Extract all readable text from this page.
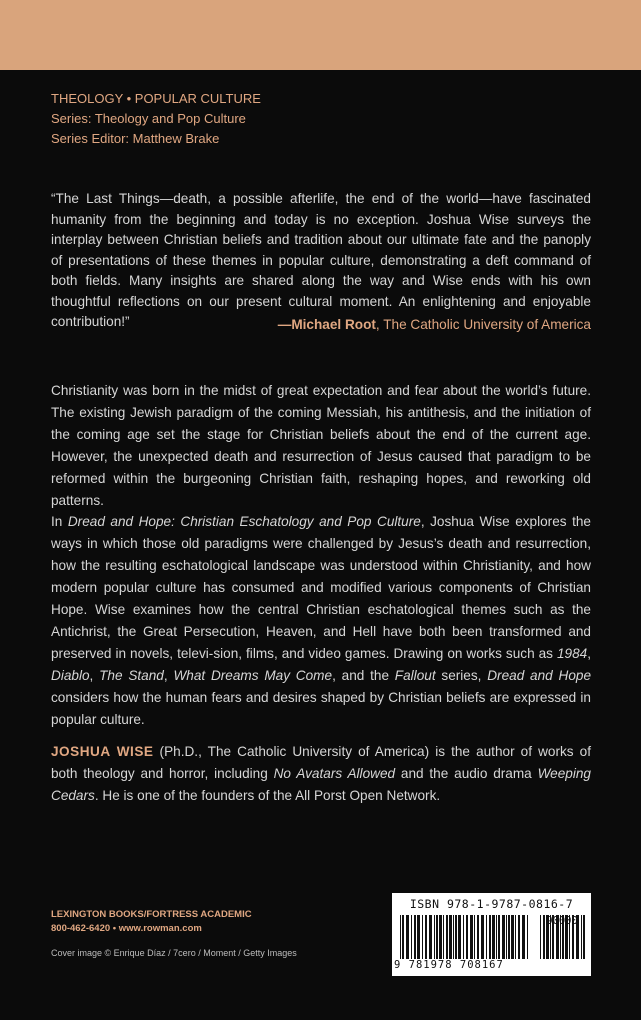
THEOLOGY • POPULAR CULTURE
Series: Theology and Pop Culture
Series Editor: Matthew Brake
“The Last Things—death, a possible afterlife, the end of the world—have fascinated humanity from the beginning and today is no exception. Joshua Wise surveys the interplay between Christian beliefs and tradition about our ultimate fate and the panoply of presentations of these themes in popular culture, demonstrating a deft command of both fields. Many insights are shared along the way and Wise ends with his own thoughtful reflections on our present cultural moment. An enlightening and enjoyable contribution!”	—Michael Root, The Catholic University of America
Christianity was born in the midst of great expectation and fear about the world’s future. The existing Jewish paradigm of the coming Messiah, his antithesis, and the initiation of the coming age set the stage for Christian beliefs about the end of the current age. However, the unexpected death and resurrection of Jesus caused that paradigm to be reformed within the burgeoning Christian faith, reshaping hopes, and reworking old patterns.
In Dread and Hope: Christian Eschatology and Pop Culture, Joshua Wise explores the ways in which those old paradigms were challenged by Jesus’s death and resurrection, how the resulting eschatological landscape was understood within Christianity, and how modern popular culture has consumed and modified various components of Christian Hope. Wise examines how the central Christian eschatological themes such as the Antichrist, the Great Persecution, Heaven, and Hell have both been transformed and preserved in novels, televi-sion, films, and video games. Drawing on works such as 1984, Diablo, The Stand, What Dreams May Come, and the Fallout series, Dread and Hope considers how the human fears and desires shaped by Christian beliefs are expressed in popular culture.
JOSHUA WISE (Ph.D., The Catholic University of America) is the author of works of both theology and horror, including No Avatars Allowed and the audio drama Weeping Cedars. He is one of the founders of the All Porst Open Network.
LEXINGTON BOOKS/FORTRESS ACADEMIC
800-462-6420 • www.rowman.com
Cover image © Enrique Díaz / 7cero / Moment / Getty Images
ISBN 978-1-9787-0816-7
90000
9 781978 708167
